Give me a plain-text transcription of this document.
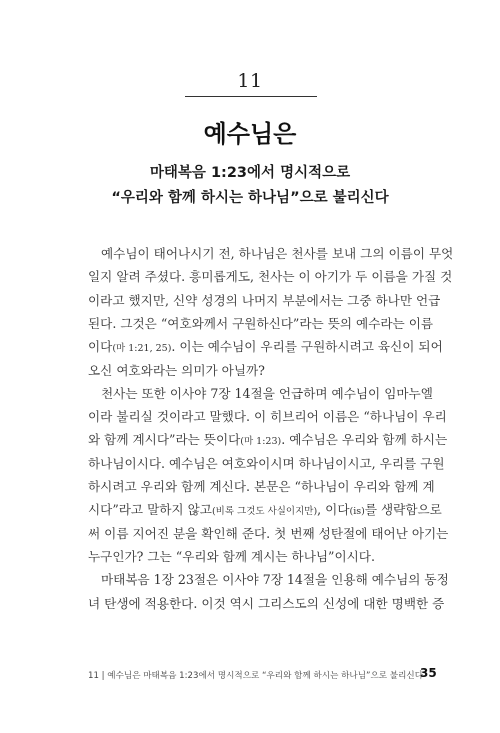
11
예수님은
마태복음 1:23에서 명시적으로
“우리와 함께 하시는 하나님”으로 불리신다
예수님이 태어나시기 전, 하나님은 천사를 보내 그의 이름이 무엇
일지 알려 주셨다. 흥미롭게도, 천사는 이 아기가 두 이름을 가질 것
이라고 했지만, 신약 성경의 나머지 부분에서는 그중 하나만 언급
된다. 그것은 “여호와께서 구원하신다”라는 뜻의 예수라는 이름
이다(마 1:21, 25). 이는 예수님이 우리를 구원하시려고 육신이 되어
오신 여호와라는 의미가 아닐까?
천사는 또한 이사야 7장 14절을 언급하며 예수님이 임마누엘
이라 불리실 것이라고 말했다. 이 히브리어 이름은 “하나님이 우리
와 함께 계시다”라는 뜻이다(마 1:23). 예수님은 우리와 함께 하시는
하나님이시다. 예수님은 여호와이시며 하나님이시고, 우리를 구원
하시려고 우리와 함께 계신다. 본문은 “하나님이 우리와 함께 계
시다”라고 말하지 않고(비록 그것도 사실이지만), 이다(is)를 생략함으로
써 이름 지어진 분을 확인해 준다. 첫 번째 성탄절에 태어난 아기는
누구인가? 그는 “우리와 함께 계시는 하나님”이시다.
마태복음 1장 23절은 이사야 7장 14절을 인용해 예수님의 동정
녀 탄생에 적용한다. 이것 역시 그리스도의 신성에 대한 명백한 증
11 | 예수님은 마태복음 1:23에서 명시적으로 “우리와 함께 하시는 하나님”으로 불리신다
35
